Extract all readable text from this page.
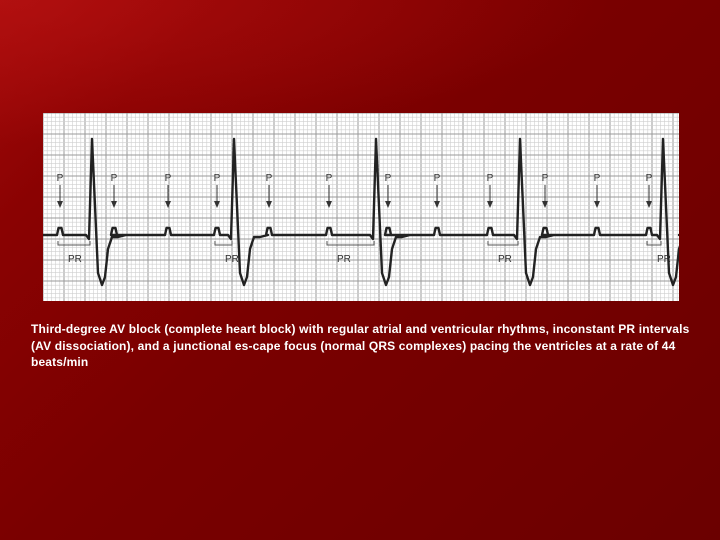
P	P	P	P	P	P	P	P	P	P	P	P
PR	PR	PR	PR	PR

Third-degree AV block (complete heart block) with regular atrial and ventricular rhythms, inconstant PR intervals (AV dissociation), and a junctional es-cape focus (normal QRS complexes) pacing the ventricles at a rate of 44 beats/min
